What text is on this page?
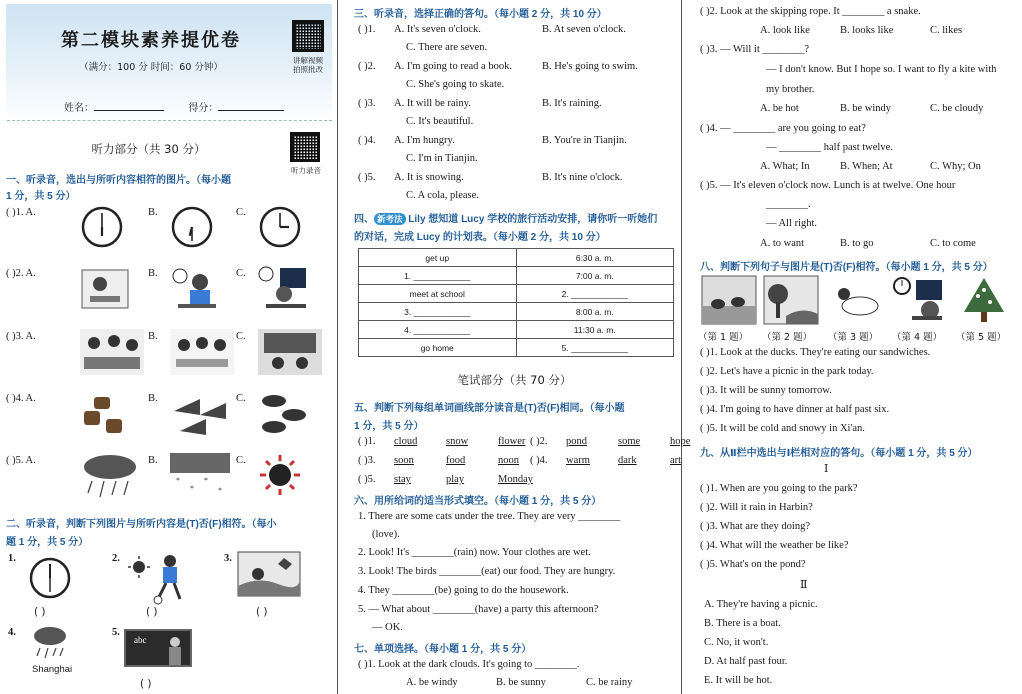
第二模块素养提优卷
（满分：100 分 时间：60 分钟）
讲解视频
拍照批改
姓名：	得分：
听力部分（共 30 分）
听力录音
一、听录音，选出与所听内容相符的图片。（每小题
1 分，共 5 分）
( )1. A.	B.	C.
( )2. A.	B.	C.
( )3. A.	B.	C.
( )4. A.	B.	C.
( )5. A.	B.
*
*
*
*
C.
二、听录音，判断下列图片与所听内容是(T)否(F)相符。（每小
题 1 分，共 5 分）
1.
( )
2.
( )
3.
( )
4.
Shanghai
5.
abc
( )
三、听录音，选择正确的答句。（每小题 2 分，共 10 分）
( )1. A. It's seven o'clock.	B. At seven o'clock.
C. There are seven.
( )2. A. I'm going to read a book.	B. He's going to swim.
C. She's going to skate.
( )3. A. It will be rainy.	B. It's raining.
C. It's beautiful.
( )4. A. I'm hungry.	B. You're in Tianjin.
C. I'm in Tianjin.
( )5. A. It is snowing.	B. It's nine o'clock.
C. A cola, please.
四、 新考法 Lily 想知道 Lucy 学校的旅行活动安排，请你听一听她们
的对话，完成 Lucy 的计划表。（每小题 2 分，共 10 分）
get up	6:30 a. m.
1. ____________	7:00 a. m.
meet at school	2. ____________
3. ____________	8:00 a. m.
4. ____________	11:30 a. m.
go home	5. ____________
笔试部分（共 70 分）
五、判断下列每组单词画线部分读音是(T)否(F)相同。（每小题
1 分，共 5 分）
( )1. cloud	snow	flower ( )2. pond	some	hope
( )3. soon	food	noon ( )4. warm	dark	art
( )5. stay	play	Monday
六、用所给词的适当形式填空。（每小题 1 分，共 5 分）
1. There are some cats under the tree. They are very ________
(love).
2. Look! It's ________(rain) now. Your clothes are wet.
3. Look! The birds ________(eat) our food. They are hungry.
4. They ________(be) going to do the housework.
5. — What about ________(have) a party this afternoon?
— OK.
七、单项选择。（每小题 1 分，共 5 分）
( )1. Look at the dark clouds. It's going to ________.
A. be windy	B. be sunny	C. be rainy
( )2. Look at the skipping rope. It ________ a snake.
A. look like	B. looks like	C. likes
( )3. — Will it ________?
— I don't know. But I hope so. I want to fly a kite with
my brother.
A. be hot	B. be windy	C. be cloudy
( )4. — ________ are you going to eat?
— ________ half past twelve.
A. What; In	B. When; At	C. Why; On
( )5. — It's eleven o'clock now. Lunch is at twelve. One hour
________.
— All right.
A. to want	B. to go	C. to come
八、判断下列句子与图片是(T)否(F)相符。（每小题 1 分，共 5 分）
（第 1 题） （第 2 题） （第 3 题） （第 4 题） （第 5 题）
( )1. Look at the ducks. They're eating our sandwiches.
( )2. Let's have a picnic in the park today.
( )3. It will be sunny tomorrow.
( )4. I'm going to have dinner at half past six.
( )5. It will be cold and snowy in Xi'an.
九、从Ⅱ栏中选出与Ⅰ栏相对应的答句。（每小题 1 分，共 5 分）
Ⅰ
( )1. When are you going to the park?
( )2. Will it rain in Harbin?
( )3. What are they doing?
( )4. What will the weather be like?
( )5. What's on the pond?
Ⅱ
A. They're having a picnic.
B. There is a boat.
C. No, it won't.
D. At half past four.
E. It will be hot.
